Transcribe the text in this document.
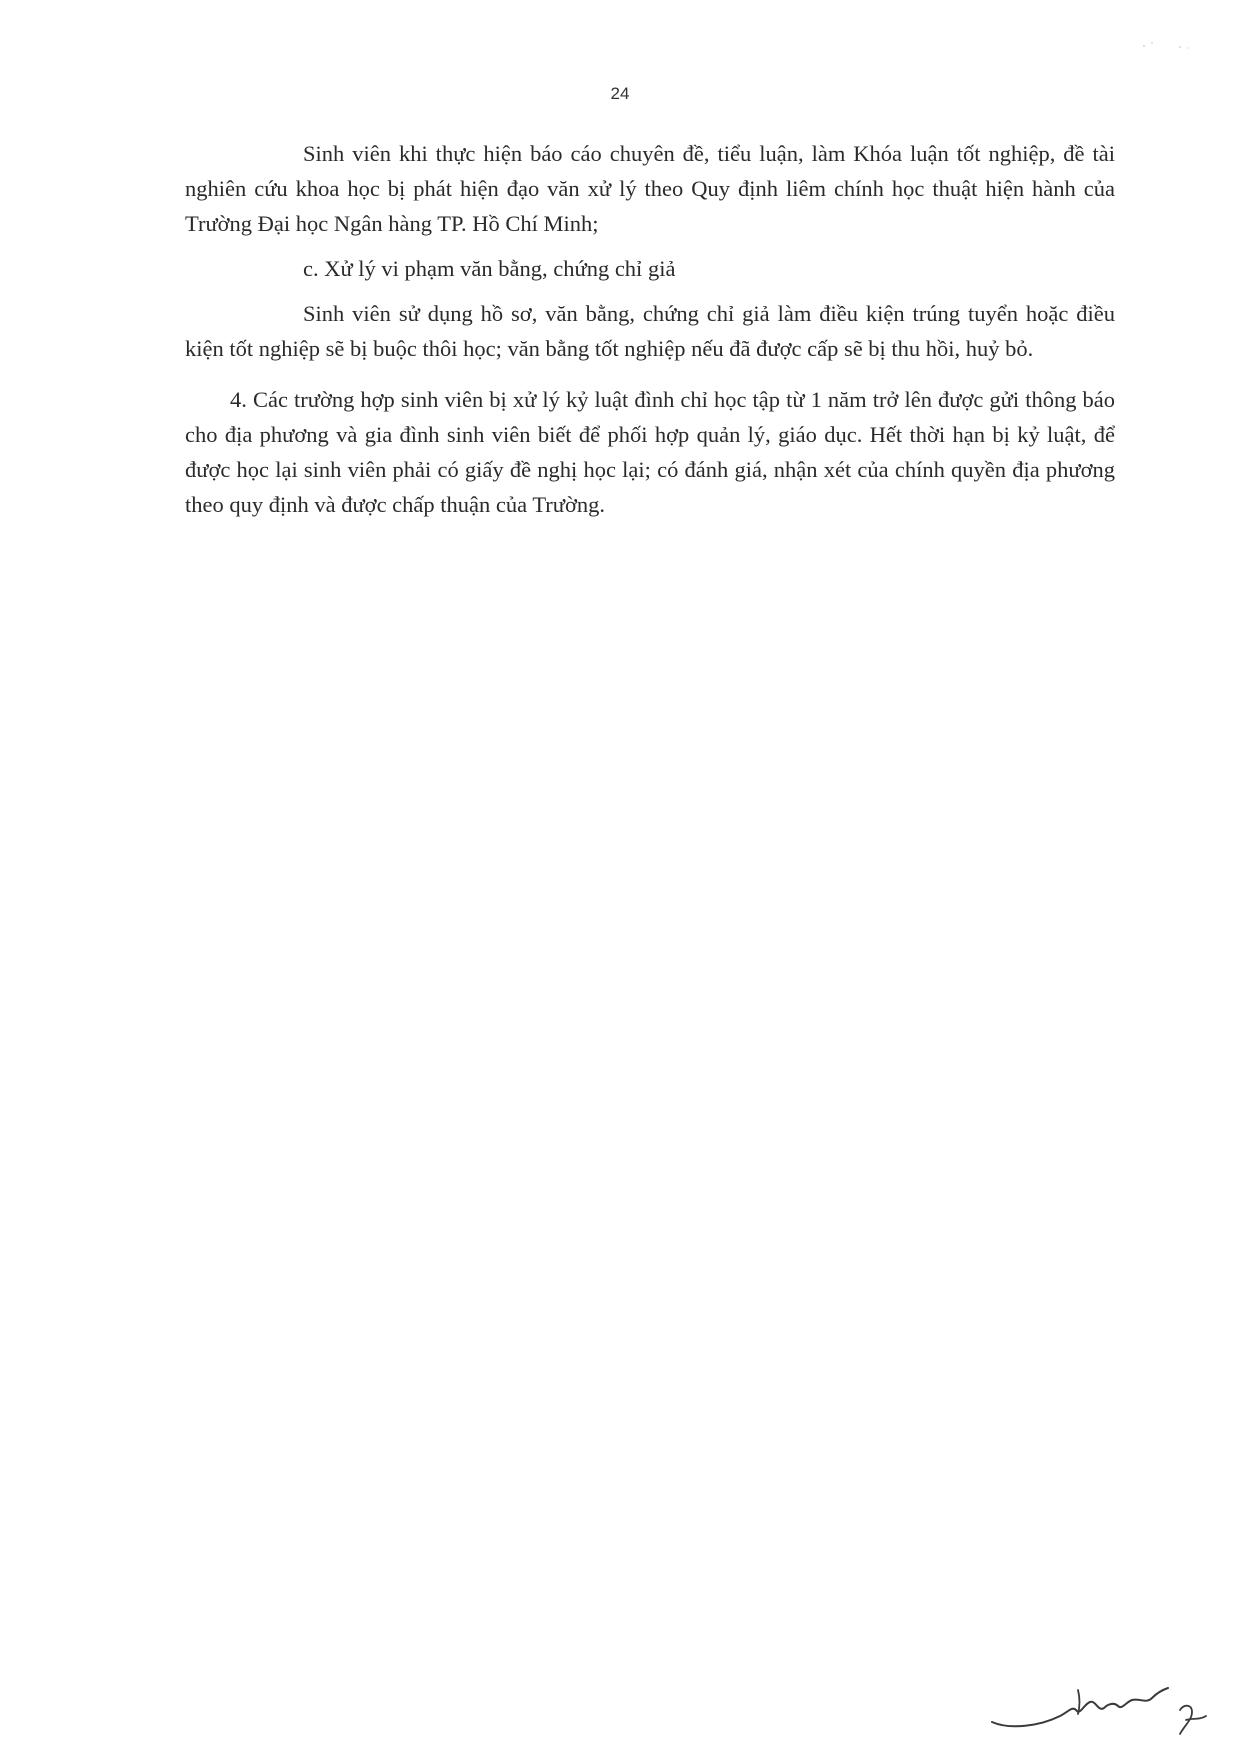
24

Sinh viên khi thực hiện báo cáo chuyên đề, tiểu luận, làm Khóa luận tốt nghiệp, đề tài nghiên cứu khoa học bị phát hiện đạo văn xử lý theo Quy định liêm chính học thuật hiện hành của Trường Đại học Ngân hàng TP. Hồ Chí Minh;

c. Xử lý vi phạm văn bằng, chứng chỉ giả

Sinh viên sử dụng hồ sơ, văn bằng, chứng chỉ giả làm điều kiện trúng tuyển hoặc điều kiện tốt nghiệp sẽ bị buộc thôi học; văn bằng tốt nghiệp nếu đã được cấp sẽ bị thu hồi, huỷ bỏ.

4. Các trường hợp sinh viên bị xử lý kỷ luật đình chỉ học tập từ 1 năm trở lên được gửi thông báo cho địa phương và gia đình sinh viên biết để phối hợp quản lý, giáo dục. Hết thời hạn bị kỷ luật, để được học lại sinh viên phải có giấy đề nghị học lại; có đánh giá, nhận xét của chính quyền địa phương theo quy định và được chấp thuận của Trường.
